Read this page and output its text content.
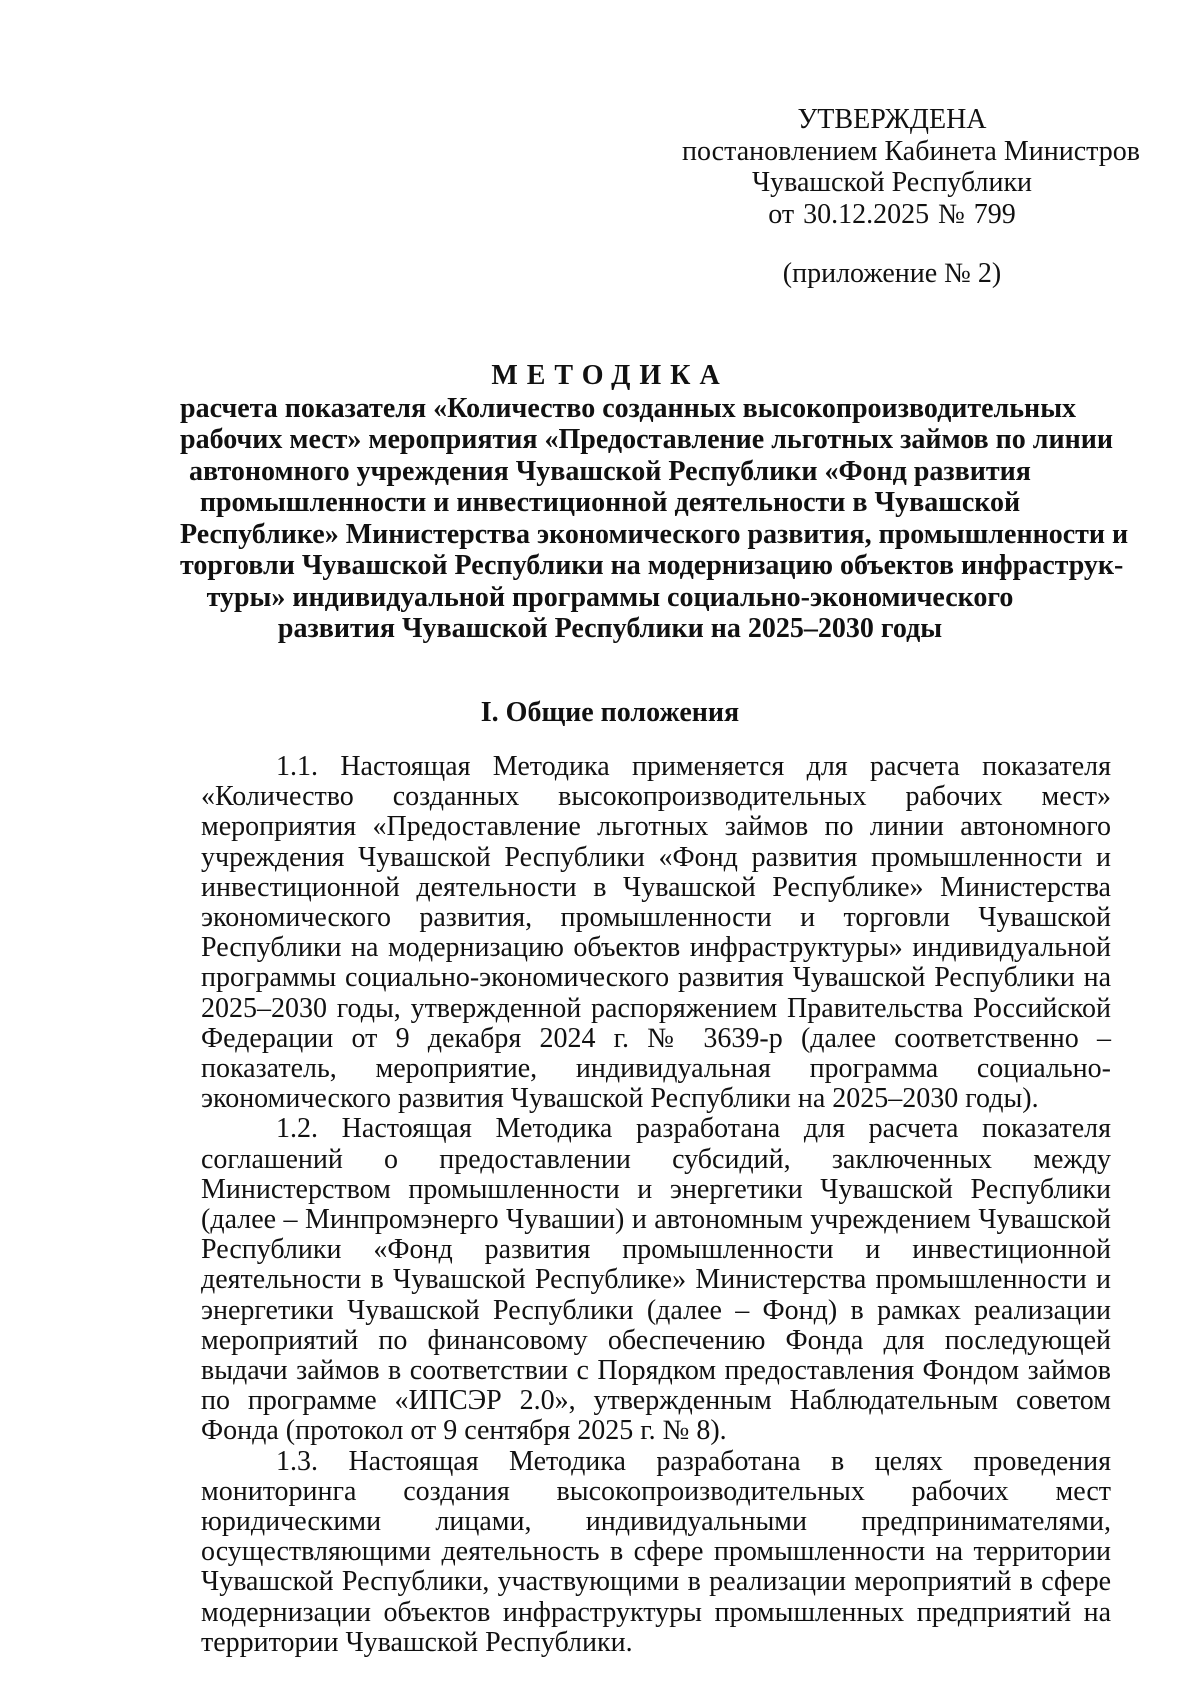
УТВЕРЖДЕНА
постановлением Кабинета Министров
Чувашской Республики
от 30.12.2025 № 799
(приложение № 2)
МЕТОДИКА
расчета показателя «Количество созданных высокопроизводительных
рабочих мест» мероприятия «Предоставление льготных займов по линии
автономного учреждения Чувашской Республики «Фонд развития
промышленности и инвестиционной деятельности в Чувашской
Республике» Министерства экономического развития, промышленности и
торговли Чувашской Республики на модернизацию объектов инфраструк-
туры» индивидуальной программы социально-экономического
развития Чувашской Республики на 2025–2030 годы
I. Общие положения

1.1. Настоящая Методика применяется для расчета показателя «Количество созданных высокопроизводительных рабочих мест» мероприятия «Предоставление льготных займов по линии автономного учреждения Чувашской Республики «Фонд развития промышленности и инвестиционной деятельности в Чувашской Республике» Министерства экономического развития, промышленности и торговли Чувашской Республики на модернизацию объектов инфраструктуры» индивидуальной программы социально-экономического развития Чувашской Республики на 2025–2030 годы, утвержденной распоряжением Правительства Российской Федерации от 9 декабря 2024 г. № 3639-р (далее соответственно – показатель, мероприятие, индивидуальная программа социально-экономического развития Чувашской Республики на 2025–2030 годы).

1.2. Настоящая Методика разработана для расчета показателя соглашений о предоставлении субсидий, заключенных между Министерством промышленности и энергетики Чувашской Республики (далее – Минпромэнерго Чувашии) и автономным учреждением Чувашской Республики «Фонд развития промышленности и инвестиционной деятельности в Чувашской Республике» Министерства промышленности и энергетики Чувашской Республики (далее – Фонд) в рамках реализации мероприятий по финансовому обеспечению Фонда для последующей выдачи займов в соответствии с Порядком предоставления Фондом займов по программе «ИПСЭР 2.0», утвержденным Наблюдательным советом Фонда (протокол от 9 сентября 2025 г. № 8).

1.3. Настоящая Методика разработана в целях проведения мониторинга создания высокопроизводительных рабочих мест юридическими лицами, индивидуальными предпринимателями, осуществляющими деятельность в сфере промышленности на территории Чувашской Республики, участвующими в реализации мероприятий в сфере модернизации объектов инфраструктуры промышленных предприятий на территории Чувашской Республики.
